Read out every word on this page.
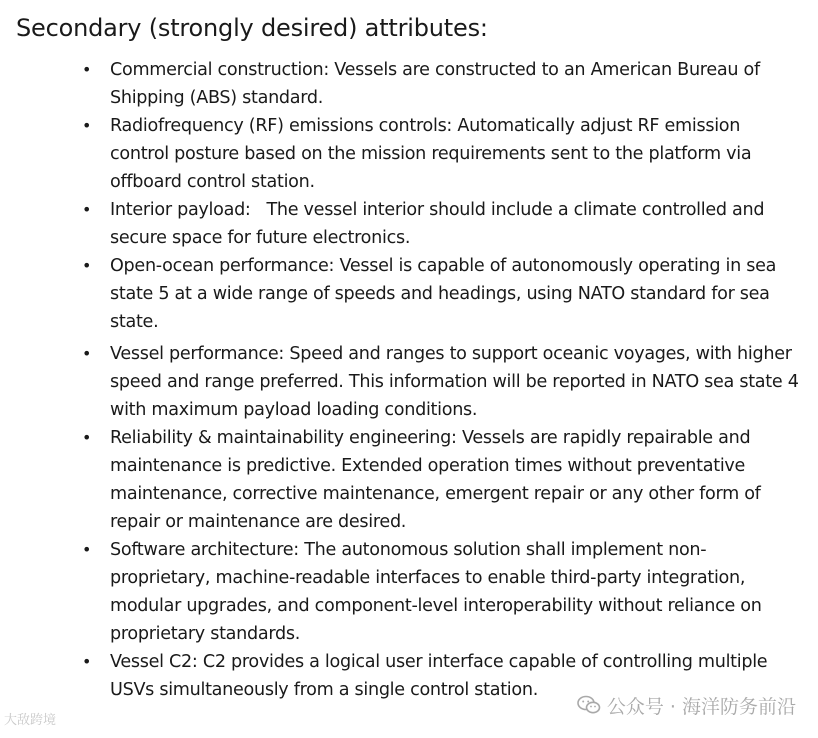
Secondary (strongly desired) attributes:
• Commercial construction: Vessels are constructed to an American Bureau of Shipping (ABS) standard.
• Radiofrequency (RF) emissions controls: Automatically adjust RF emission control posture based on the mission requirements sent to the platform via offboard control station.
• Interior payload:   The vessel interior should include a climate controlled and secure space for future electronics.
• Open-ocean performance: Vessel is capable of autonomously operating in sea state 5 at a wide range of speeds and headings, using NATO standard for sea state.
• Vessel performance: Speed and ranges to support oceanic voyages, with higher speed and range preferred. This information will be reported in NATO sea state 4 with maximum payload loading conditions.
• Reliability & maintainability engineering: Vessels are rapidly repairable and maintenance is predictive. Extended operation times without preventative maintenance, corrective maintenance, emergent repair or any other form of repair or maintenance are desired.
• Software architecture: The autonomous solution shall implement non-proprietary, machine-readable interfaces to enable third-party integration, modular upgrades, and component-level interoperability without reliance on proprietary standards.
• Vessel C2: C2 provides a logical user interface capable of controlling multiple USVs simultaneously from a single control station.
大敌跨境
公众号 · 海洋防务前沿
